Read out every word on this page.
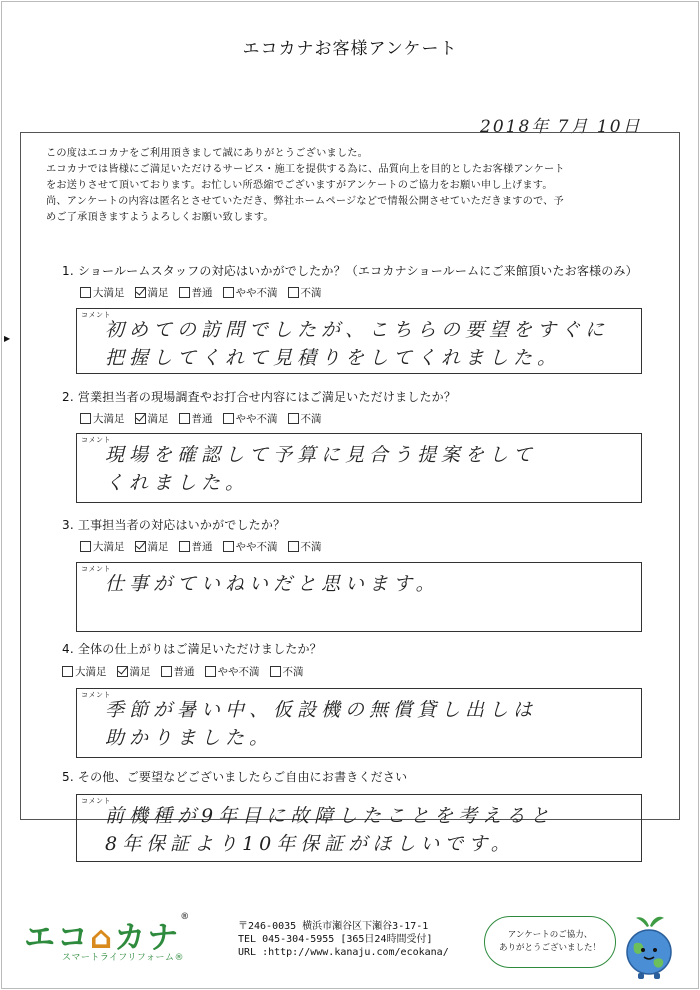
エコカナお客様アンケート
2018年 7月 10日
▶
この度はエコカナをご利用頂きまして誠にありがとうございました。
エコカナでは皆様にご満足いただけるサービス・施工を提供する為に、品質向上を目的としたお客様アンケート
をお送りさせて頂いております。お忙しい所恐縮でございますがアンケートのご協力をお願い申し上げます。
尚、アンケートの内容は匿名とさせていただき、弊社ホームページなどで情報公開させていただきますので、予
めご了承頂きますようよろしくお願い致します。
1. ショールームスタッフの対応はいかがでしたか？（エコカナショールームにご来館頂いたお客様のみ）
大満足 満足 普通 やや不満 不満
コメント
初めての訪問でしたが、こちらの要望をすぐに
把握してくれて見積りをしてくれました。
2. 営業担当者の現場調査やお打合せ内容にはご満足いただけましたか？
大満足 満足 普通 やや不満 不満
コメント
現場を確認して予算に見合う提案をして
くれました。
3. 工事担当者の対応はいかがでしたか？
大満足 満足 普通 やや不満 不満
コメント
仕事がていねいだと思います。
4. 全体の仕上がりはご満足いただけましたか？
大満足 満足 普通 やや不満 不満
コメント
季節が暑い中、仮設機の無償貸し出しは
助かりました。
5. その他、ご要望などございましたらご自由にお書きください
コメント
前機種が9年目に故障したことを考えると
8年保証より10年保証がほしいです。
エコ⌂カナ®
スマートライフリフォーム®
〒246-0035 横浜市瀬谷区下瀬谷3-17-1
TEL 045-304-5955 [365日24時間受付]
URL :http://www.kanaju.com/ecokana/
アンケートのご協力、
ありがとうございました！
